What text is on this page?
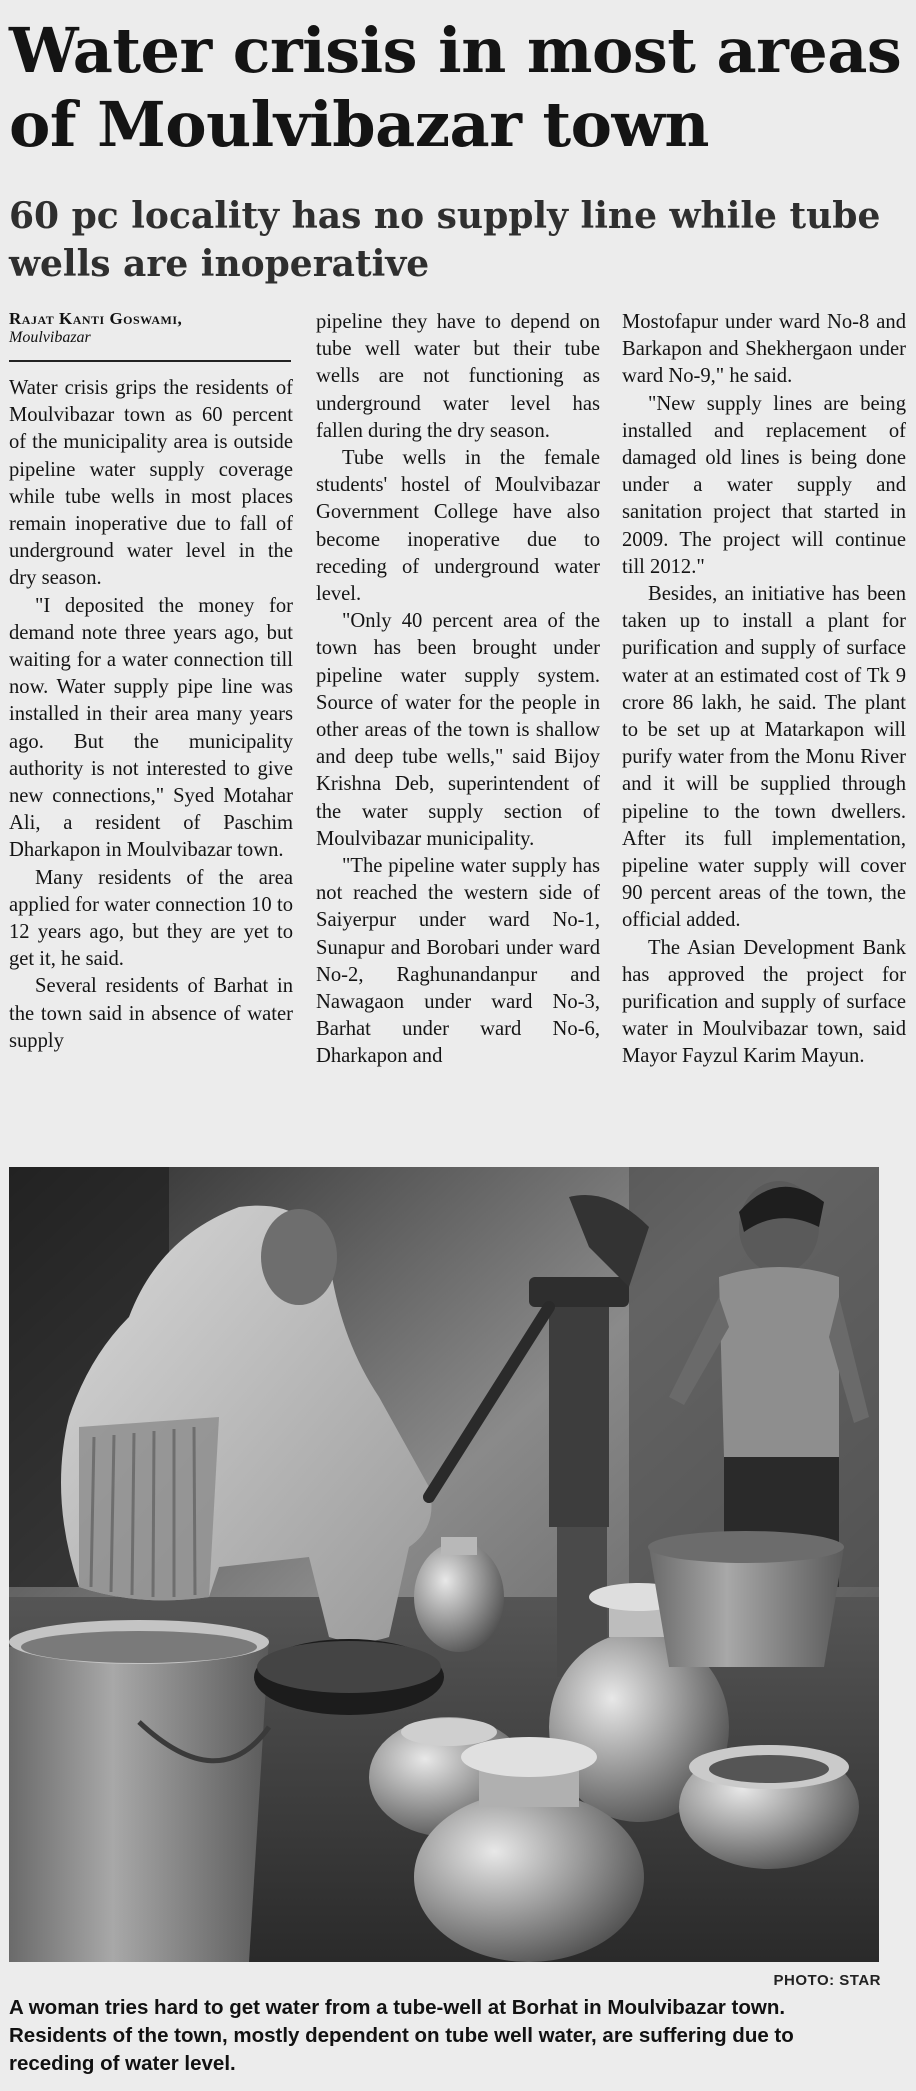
Water crisis in most areas of Moulvibazar town
60 pc locality has no supply line while tube wells are inoperative
Rajat Kanti Goswami,
Moulvibazar

Water crisis grips the residents of Moulvibazar town as 60 percent of the municipality area is outside pipeline water supply coverage while tube wells in most places remain inoperative due to fall of underground water level in the dry season.

"I deposited the money for demand note three years ago, but waiting for a water connection till now. Water supply pipe line was installed in their area many years ago. But the municipality authority is not interested to give new connections," Syed Motahar Ali, a resident of Paschim Dharkapon in Moulvibazar town.

Many residents of the area applied for water connection 10 to 12 years ago, but they are yet to get it, he said.

Several residents of Barhat in the town said in absence of water supply

pipeline they have to depend on tube well water but their tube wells are not functioning as underground water level has fallen during the dry season.

Tube wells in the female students' hostel of Moulvibazar Government College have also become inoperative due to receding of underground water level.

"Only 40 percent area of the town has been brought under pipeline water supply system. Source of water for the people in other areas of the town is shallow and deep tube wells," said Bijoy Krishna Deb, superintendent of the water supply section of Moulvibazar municipality.

"The pipeline water supply has not reached the western side of Saiyerpur under ward No-1, Sunapur and Borobari under ward No-2, Raghunandanpur and Nawagaon under ward No-3, Barhat under ward No-6, Dharkapon and

Mostofapur under ward No-8 and Barkapon and Shekhergaon under ward No-9," he said.

"New supply lines are being installed and replacement of damaged old lines is being done under a water supply and sanitation project that started in 2009. The project will continue till 2012."

Besides, an initiative has been taken up to install a plant for purification and supply of surface water at an estimated cost of Tk 9 crore 86 lakh, he said. The plant to be set up at Matarkapon will purify water from the Monu River and it will be supplied through pipeline to the town dwellers. After its full implementation, pipeline water supply will cover 90 percent areas of the town, the official added.

The Asian Development Bank has approved the project for purification and supply of surface water in Moulvibazar town, said Mayor Fayzul Karim Mayun.

PHOTO: STAR

A woman tries hard to get water from a tube-well at Borhat in Moulvibazar town. Residents of the town, mostly dependent on tube well water, are suffering due to receding of water level.
